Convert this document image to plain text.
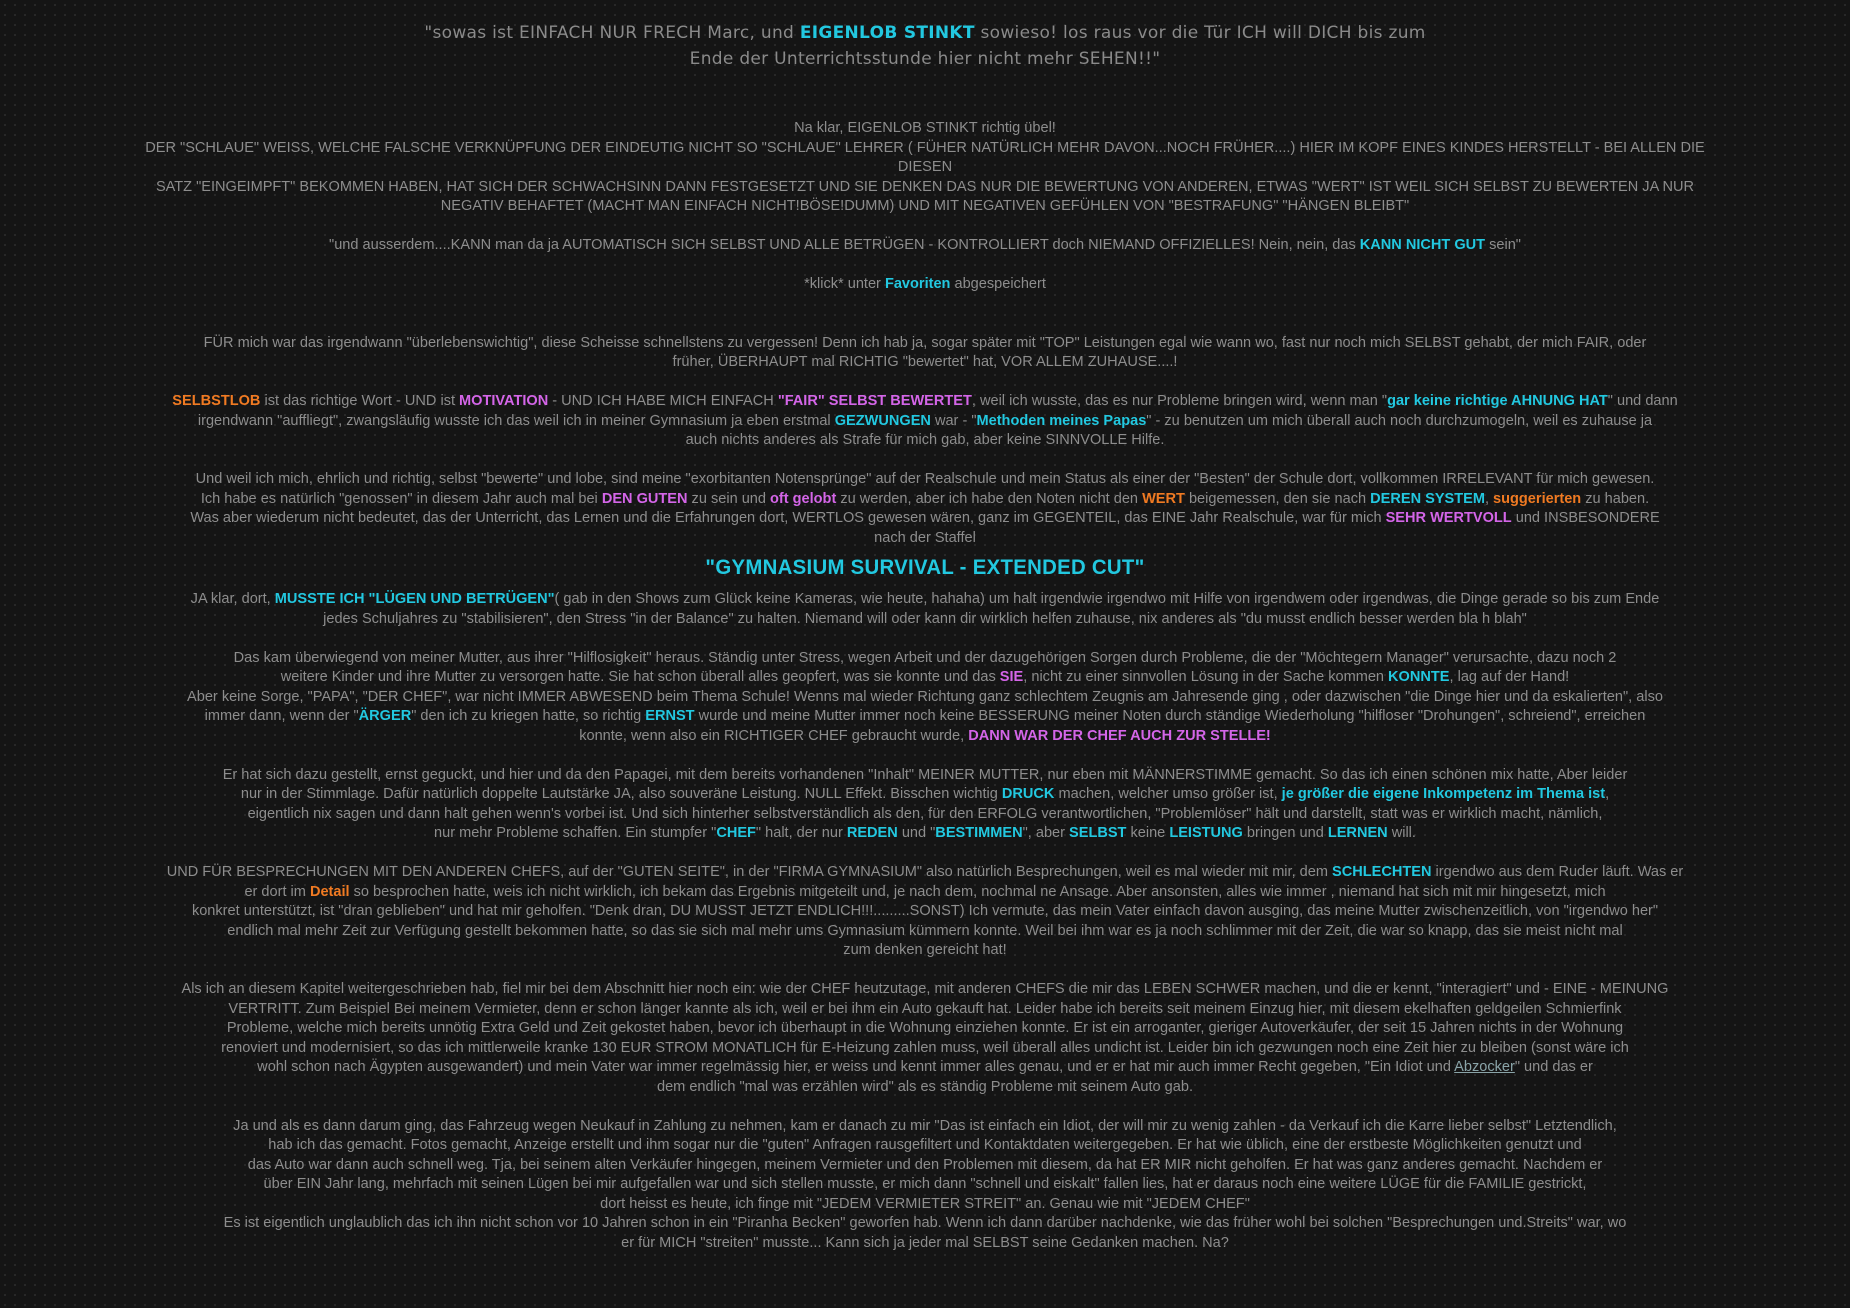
"sowas ist EINFACH NUR FRECH Marc, und EIGENLOB STINKT sowieso! los raus vor die Tür ICH will DICH bis zum

Ende der Unterrichtsstunde hier nicht mehr SEHEN!!"

Na klar, EIGENLOB STINKT richtig übel!

DER "SCHLAUE" WEISS, WELCHE FALSCHE VERKNÜPFUNG DER EINDEUTIG NICHT SO "SCHLAUE" LEHRER ( FÜHER NATÜRLICH MEHR DAVON...NOCH FRÜHER....) HIER IM KOPF EINES KINDES HERSTELLT - BEI ALLEN DIE DIESEN

SATZ "EINGEIMPFT" BEKOMMEN HABEN, HAT SICH DER SCHWACHSINN DANN FESTGESETZT UND SIE DENKEN DAS NUR DIE BEWERTUNG VON ANDEREN, ETWAS "WERT" IST WEIL SICH SELBST ZU BEWERTEN JA NUR

NEGATIV BEHAFTET (MACHT MAN EINFACH NICHT!BÖSE!DUMM) UND MIT NEGATIVEN GEFÜHLEN VON "BESTRAFUNG" "HÄNGEN BLEIBT"

"und ausserdem....KANN man da ja AUTOMATISCH SICH SELBST UND ALLE BETRÜGEN - KONTROLLIERT doch NIEMAND OFFIZIELLES! Nein, nein, das KANN NICHT GUT sein"

*klick* unter Favoriten abgespeichert

FÜR mich war das irgendwann "überlebenswichtig", diese Scheisse schnellstens zu vergessen! Denn ich hab ja, sogar später mit "TOP" Leistungen egal wie wann wo, fast nur noch mich SELBST gehabt, der mich FAIR, oder

früher, ÜBERHAUPT mal RICHTIG "bewertet" hat, VOR ALLEM ZUHAUSE....!

SELBSTLOB ist das richtige Wort - UND ist MOTIVATION - UND ICH HABE MICH EINFACH "FAIR" SELBST BEWERTET, weil ich wusste, das es nur Probleme bringen wird, wenn man "gar keine richtige AHNUNG HAT" und dann

irgendwann "auffliegt", zwangsläufig wusste ich das weil ich in meiner Gymnasium ja eben erstmal GEZWUNGEN war - "Methoden meines Papas" - zu benutzen um mich überall auch noch durchzumogeln, weil es zuhause ja

auch nichts anderes als Strafe für mich gab, aber keine SINNVOLLE Hilfe.

Und weil ich mich, ehrlich und richtig, selbst "bewerte" und lobe, sind meine "exorbitanten Notensprünge" auf der Realschule und mein Status als einer der "Besten" der Schule dort, vollkommen IRRELEVANT für mich gewesen.

Ich habe es natürlich "genossen" in diesem Jahr auch mal bei DEN GUTEN zu sein und oft gelobt zu werden, aber ich habe den Noten nicht den WERT beigemessen, den sie nach DEREN SYSTEM, suggerierten zu haben.

Was aber wiederum nicht bedeutet, das der Unterricht, das Lernen und die Erfahrungen dort, WERTLOS gewesen wären, ganz im GEGENTEIL, das EINE Jahr Realschule, war für mich SEHR WERTVOLL und INSBESONDERE

nach der Staffel

"GYMNASIUM SURVIVAL - EXTENDED CUT"

JA klar, dort, MUSSTE ICH "LÜGEN UND BETRÜGEN"( gab in den Shows zum Glück keine Kameras, wie heute, hahaha) um halt irgendwie irgendwo mit Hilfe von irgendwem oder irgendwas, die Dinge gerade so bis zum Ende

jedes Schuljahres zu "stabilisieren", den Stress "in der Balance" zu halten. Niemand will oder kann dir wirklich helfen zuhause, nix anderes als "du musst endlich besser werden bla h blah"

Das kam überwiegend von meiner Mutter, aus ihrer "Hilflosigkeit" heraus. Ständig unter Stress, wegen Arbeit und der dazugehörigen Sorgen durch Probleme, die der "Möchtegern Manager" verursachte, dazu noch 2

weitere Kinder und ihre Mutter zu versorgen hatte. Sie hat schon überall alles geopfert, was sie konnte und das SIE, nicht zu einer sinnvollen Lösung in der Sache kommen KONNTE, lag auf der Hand!

Aber keine Sorge, "PAPA", "DER CHEF", war nicht IMMER ABWESEND beim Thema Schule! Wenns mal wieder Richtung ganz schlechtem Zeugnis am Jahresende ging , oder dazwischen "die Dinge hier und da eskalierten", also

immer dann, wenn der "ÄRGER" den ich zu kriegen hatte, so richtig ERNST wurde und meine Mutter immer noch keine BESSERUNG meiner Noten durch ständige Wiederholung "hilfloser "Drohungen", schreiend", erreichen

konnte, wenn also ein RICHTIGER CHEF gebraucht wurde, DANN WAR DER CHEF AUCH ZUR STELLE!

Er hat sich dazu gestellt, ernst geguckt, und hier und da den Papagei, mit dem bereits vorhandenen "Inhalt" MEINER MUTTER, nur eben mit MÄNNERSTIMME gemacht. So das ich einen schönen mix hatte, Aber leider

nur in der Stimmlage. Dafür natürlich doppelte Lautstärke JA, also souveräne Leistung. NULL Effekt. Bisschen wichtig DRUCK machen, welcher umso größer ist, je größer die eigene Inkompetenz im Thema ist,

eigentlich nix sagen und dann halt gehen wenn's vorbei ist. Und sich hinterher selbstverständlich als den, für den ERFOLG verantwortlichen, "Problemlöser" hält und darstellt, statt was er wirklich macht, nämlich,

nur mehr Probleme schaffen. Ein stumpfer "CHEF" halt, der nur REDEN und "BESTIMMEN", aber SELBST keine LEISTUNG bringen und LERNEN will.

UND FÜR BESPRECHUNGEN MIT DEN ANDEREN CHEFS, auf der "GUTEN SEITE", in der "FIRMA GYMNASIUM" also natürlich Besprechungen, weil es mal wieder mit mir, dem SCHLECHTEN irgendwo aus dem Ruder läuft. Was er

er dort im Detail so besprochen hatte, weis ich nicht wirklich, ich bekam das Ergebnis mitgeteilt und, je nach dem, nochmal ne Ansage. Aber ansonsten, alles wie immer , niemand hat sich mit mir hingesetzt, mich

konkret unterstützt, ist "dran geblieben" und hat mir geholfen. "Denk dran, DU MUSST JETZT ENDLICH!!!.........SONST) Ich vermute, das mein Vater einfach davon ausging, das meine Mutter zwischenzeitlich, von "irgendwo her"

endlich mal mehr Zeit zur Verfügung gestellt bekommen hatte, so das sie sich mal mehr ums Gymnasium kümmern konnte. Weil bei ihm war es ja noch schlimmer mit der Zeit, die war so knapp, das sie meist nicht mal

zum denken gereicht hat!

Als ich an diesem Kapitel weitergeschrieben hab, fiel mir bei dem Abschnitt hier noch ein: wie der CHEF heutzutage, mit anderen CHEFS die mir das LEBEN SCHWER machen, und die er kennt, "interagiert" und - EINE - MEINUNG

VERTRITT. Zum Beispiel Bei meinem Vermieter, denn er schon länger kannte als ich, weil er bei ihm ein Auto gekauft hat. Leider habe ich bereits seit meinem Einzug hier, mit diesem ekelhaften geldgeilen Schmierfink

Probleme, welche mich bereits unnötig Extra Geld und Zeit gekostet haben, bevor ich überhaupt in die Wohnung einziehen konnte. Er ist ein arroganter, gieriger Autoverkäufer, der seit 15 Jahren nichts in der Wohnung

renoviert und modernisiert, so das ich mittlerweile kranke 130 EUR STROM MONATLICH für E-Heizung zahlen muss, weil überall alles undicht ist. Leider bin ich gezwungen noch eine Zeit hier zu bleiben (sonst wäre ich

wohl schon nach Ägypten ausgewandert) und mein Vater war immer regelmässig hier, er weiss und kennt immer alles genau, und er er hat mir auch immer Recht gegeben, "Ein Idiot und Abzocker" und das er

dem endlich "mal was erzählen wird" als es ständig Probleme mit seinem Auto gab.

Ja und als es dann darum ging, das Fahrzeug wegen Neukauf in Zahlung zu nehmen, kam er danach zu mir "Das ist einfach ein Idiot, der will mir zu wenig zahlen - da Verkauf ich die Karre lieber selbst" Letztendlich,

hab ich das gemacht. Fotos gemacht, Anzeige erstellt und ihm sogar nur die "guten" Anfragen rausgefiltert und Kontaktdaten weitergegeben. Er hat wie üblich, eine der erstbeste Möglichkeiten genutzt und

das Auto war dann auch schnell weg. Tja, bei seinem alten Verkäufer hingegen, meinem Vermieter und den Problemen mit diesem, da hat ER MIR nicht geholfen. Er hat was ganz anderes gemacht. Nachdem er

über EIN Jahr lang, mehrfach mit seinen Lügen bei mir aufgefallen war und sich stellen musste, er mich dann "schnell und eiskalt" fallen lies, hat er daraus noch eine weitere LÜGE für die FAMILIE gestrickt,

dort heisst es heute, ich finge mit "JEDEM VERMIETER STREIT" an. Genau wie mit "JEDEM CHEF"

Es ist eigentlich unglaublich das ich ihn nicht schon vor 10 Jahren schon in ein "Piranha Becken" geworfen hab. Wenn ich dann darüber nachdenke, wie das früher wohl bei solchen "Besprechungen und.Streits" war, wo

er für MICH "streiten" musste... Kann sich ja jeder mal SELBST seine Gedanken machen. Na?
